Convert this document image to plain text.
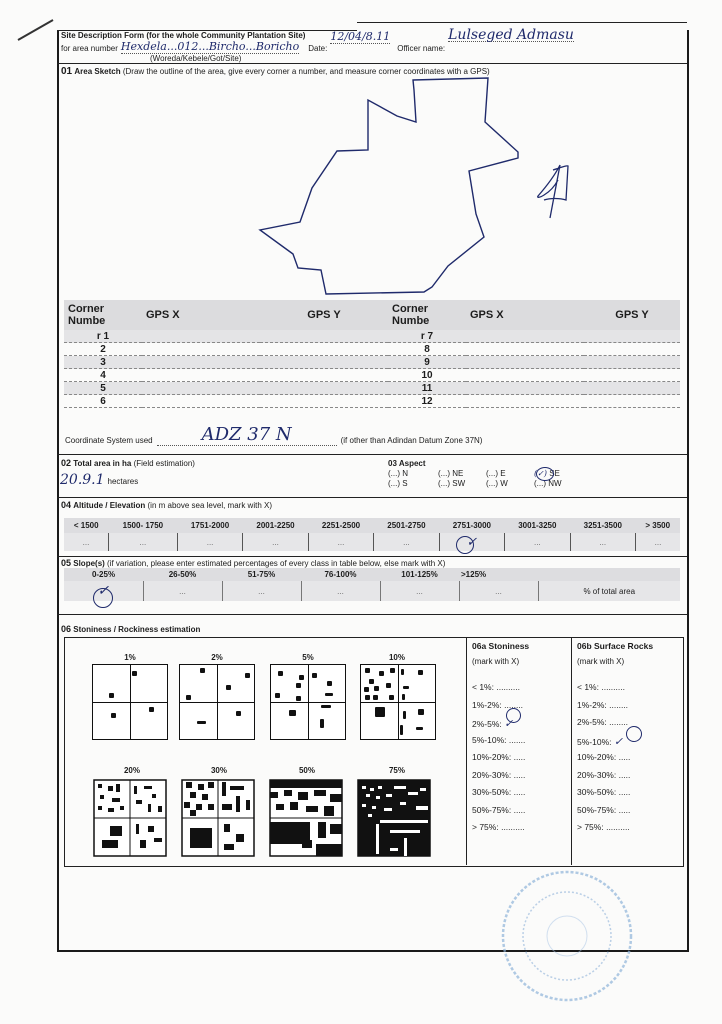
Site Description Form (for the whole Community Plantation Site)
for area number Hexdela...012...Bircho...Boricho Date:
12/04/8.11
Officer name:
Lulseged Admasu
(Woreda/Kebele/Got/Site)
01 Area Sketch (Draw the outline of the area, give every corner a number, and measure corner coordinates with a GPS)
Corner Numbe	GPS X	GPS Y	Corner Numbe	GPS X	GPS Y
r 1			r 7		
2			8		
3			9		
4			10		
5			11		
6			12		
Coordinate System used	ADZ 37 N	(if other than Adindan Datum Zone 37N)
02 Total area in ha (Field estimation)
20.9.1 hectares
03 Aspect
(...) N	(...) NE	(...) E	(✓) SE
(...) S	(...) SW	(...) W	(...) NW
04 Altitude / Elevation (in m above sea level, mark with X)
< 1500	1500- 1750	1751-2000	2001-2250	2251-2500	2501-2750	2751-3000	3001-3250	3251-3500	> 3500
...	...	...	...	...	...	✓	...	...	...
05 Slope(s) (if variation, please enter estimated percentages of every class in table below, else mark with X)
0-25%	26-50%	51-75%	76-100%	101-125%	>125%	
✓	...	...	...	...	...	% of total area
06 Stoniness / Rockiness estimation
1%	2%	5%	10%
20%	30%	50%	75%
06a Stoniness
(mark with X)
< 1%: ..........
1%-2%: ........
2%-5%: ✓
5%-10%: .......
10%-20%: .....
20%-30%: .....
30%-50%: .....
50%-75%: .....
> 75%: ..........
06b Surface Rocks
(mark with X)
< 1%: ..........
1%-2%: ........
2%-5%: ........
5%-10%: ✓
10%-20%: .....
20%-30%: .....
30%-50%: .....
50%-75%: .....
> 75%: ..........
